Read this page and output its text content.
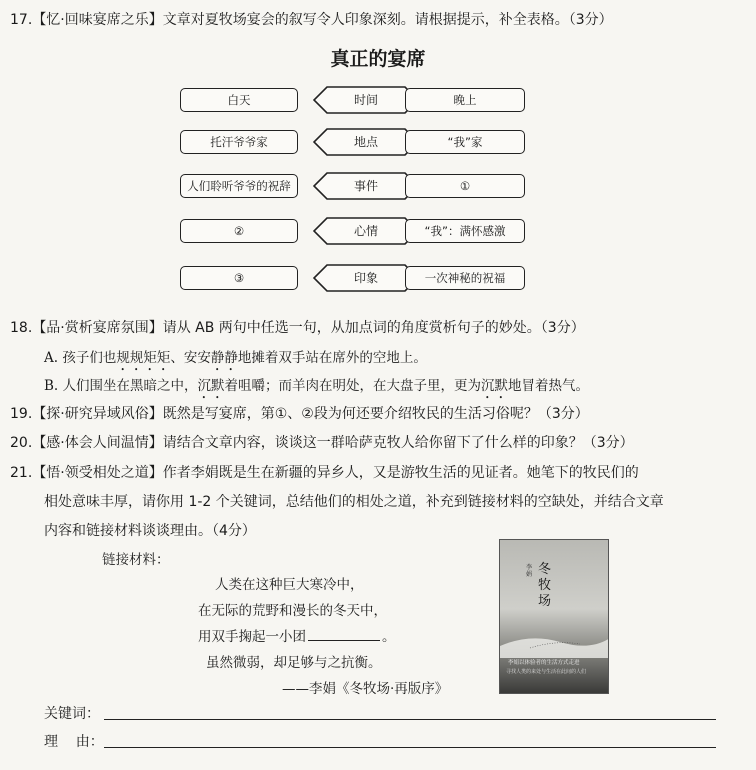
17.【忆·回味宴席之乐】文章对夏牧场宴会的叙写令人印象深刻。请根据提示，补全表格。（3分）
真正的宴席
白天	时间	晚上
托汗爷爷家	地点	“我”家
人们聆听爷爷的祝辞	事件	①
②	心情	“我”：满怀感激
③	印象	一次神秘的祝福
18.【品·赏析宴席氛围】请从 AB 两句中任选一句，从加点词的角度赏析句子的妙处。（3分）
A. 孩子们也规规矩矩、安安静静地摊着双手站在席外的空地上。
B. 人们围坐在黑暗之中，沉默着咀嚼；而羊肉在明处，在大盘子里，更为沉默地冒着热气。
19.【探·研究异域风俗】既然是写宴席，第①、②段为何还要介绍牧民的生活习俗呢？（3分）
20.【感·体会人间温情】请结合文章内容，谈谈这一群哈萨克牧人给你留下了什么样的印象？（3分）
21.【悟·领受相处之道】作者李娟既是生在新疆的异乡人，又是游牧生活的见证者。她笔下的牧民们的
相处意味丰厚，请你用 1-2 个关键词，总结他们的相处之道，补充到链接材料的空缺处，并结合文章
内容和链接材料谈谈理由。（4分）
链接材料：
人类在这种巨大寒冷中，
在无际的荒野和漫长的冬天中，
用双手掬起一小团	。
虽然微弱，却足够与之抗衡。
——李娟《冬牧场·再版序》
李娟 冬牧场
李娟以体验者的生活方式走进
寻找人类的来处与生活在此间的人们
关键词：
理    由：
